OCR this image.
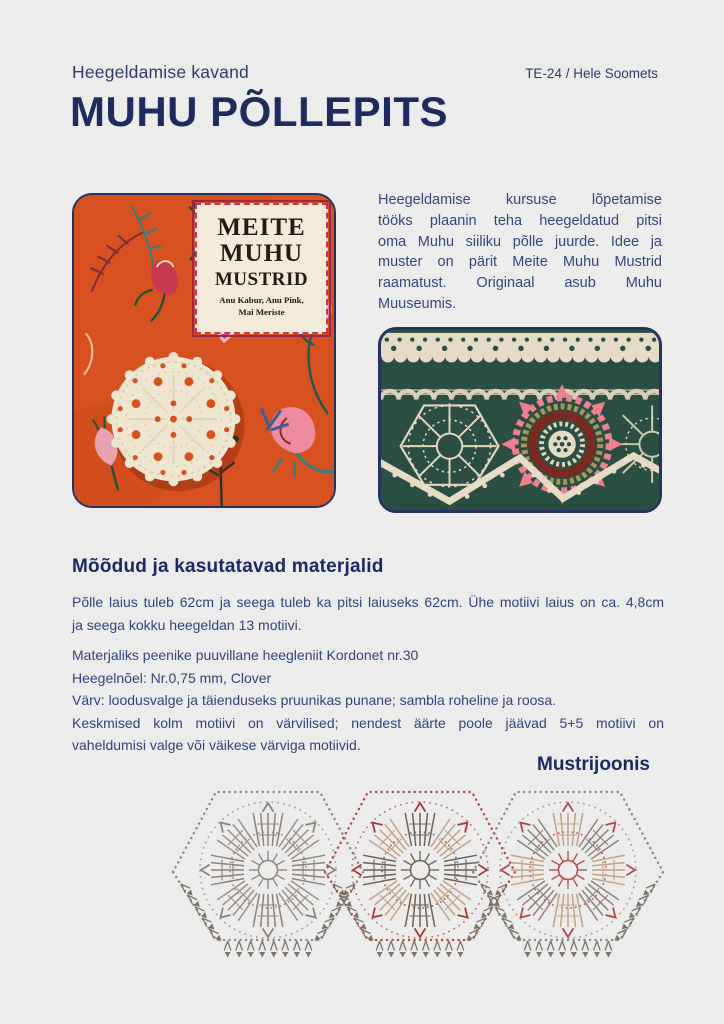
Heegeldamise kavand	TE-24 / Hele Soomets
MUHU PÕLLEPITS
MEITE
MUHU
MUSTRID
Anu Kabur, Anu Pink,
Mai Meriste
Heegeldamise kursuse lõpetamise
tööks plaanin teha heegeldatud pitsi
oma Muhu siiliku põlle juurde. Idee ja
muster on pärit Meite Muhu Mustrid
raamatust. Originaal asub Muhu
Muuseumis.
Mõõdud ja kasutatavad materjalid
Põlle laius tuleb 62cm ja seega tuleb ka pitsi laiuseks 62cm. Ühe motiivi laius on ca. 4,8cm
ja seega kokku heegeldan 13 motiivi.
Materjaliks peenike puuvillane heegleniit Kordonet nr.30
Heegelnõel: Nr.0,75 mm, Clover
Värv: loodusvalge ja täienduseks pruunikas punane; sambla roheline ja roosa.
Keskmised kolm motiivi on värvilised; nendest äärte poole jäävad 5+5 motiivi on
vaheldumisi valge või väikese värviga motiivid.
Mustrijoonis
